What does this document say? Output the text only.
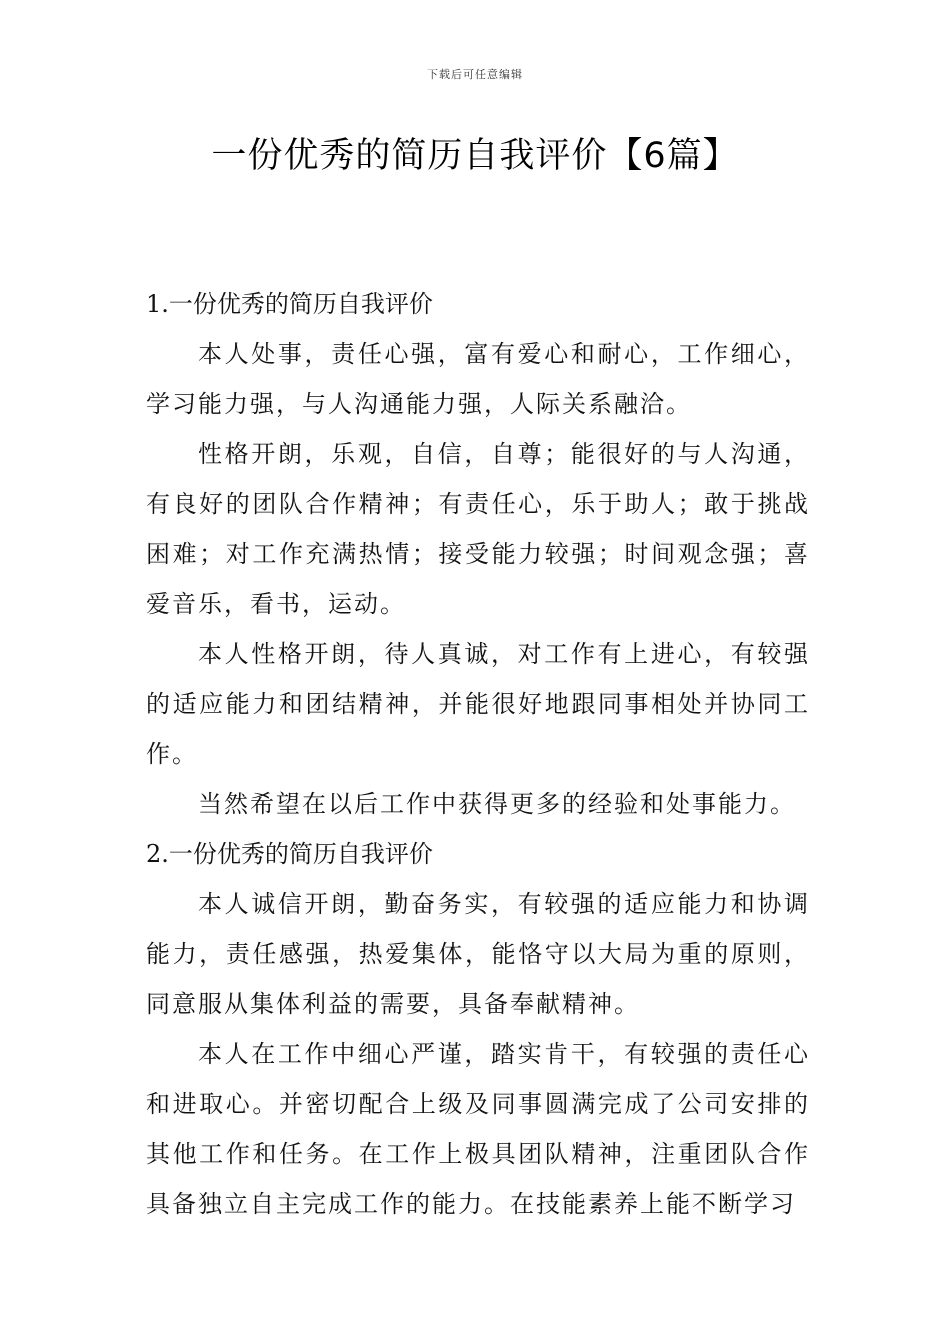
下载后可任意编辑
一份优秀的简历自我评价【6篇】

1.一份优秀的简历自我评价

本人处事，责任心强，富有爱心和耐心，工作细心，学习能力强，与人沟通能力强，人际关系融洽。

性格开朗，乐观，自信，自尊；能很好的与人沟通，有良好的团队合作精神；有责任心，乐于助人；敢于挑战困难；对工作充满热情；接受能力较强；时间观念强；喜爱音乐，看书，运动。

本人性格开朗，待人真诚，对工作有上进心，有较强的适应能力和团结精神，并能很好地跟同事相处并协同工作。

当然希望在以后工作中获得更多的经验和处事能力。

2.一份优秀的简历自我评价

本人诚信开朗，勤奋务实，有较强的适应能力和协调能力，责任感强，热爱集体，能恪守以大局为重的原则，同意服从集体利益的需要，具备奉献精神。

本人在工作中细心严谨，踏实肯干，有较强的责任心和进取心。并密切配合上级及同事圆满完成了公司安排的其他工作和任务。在工作上极具团队精神，注重团队合作具备独立自主完成工作的能力。在技能素养上能不断学习
